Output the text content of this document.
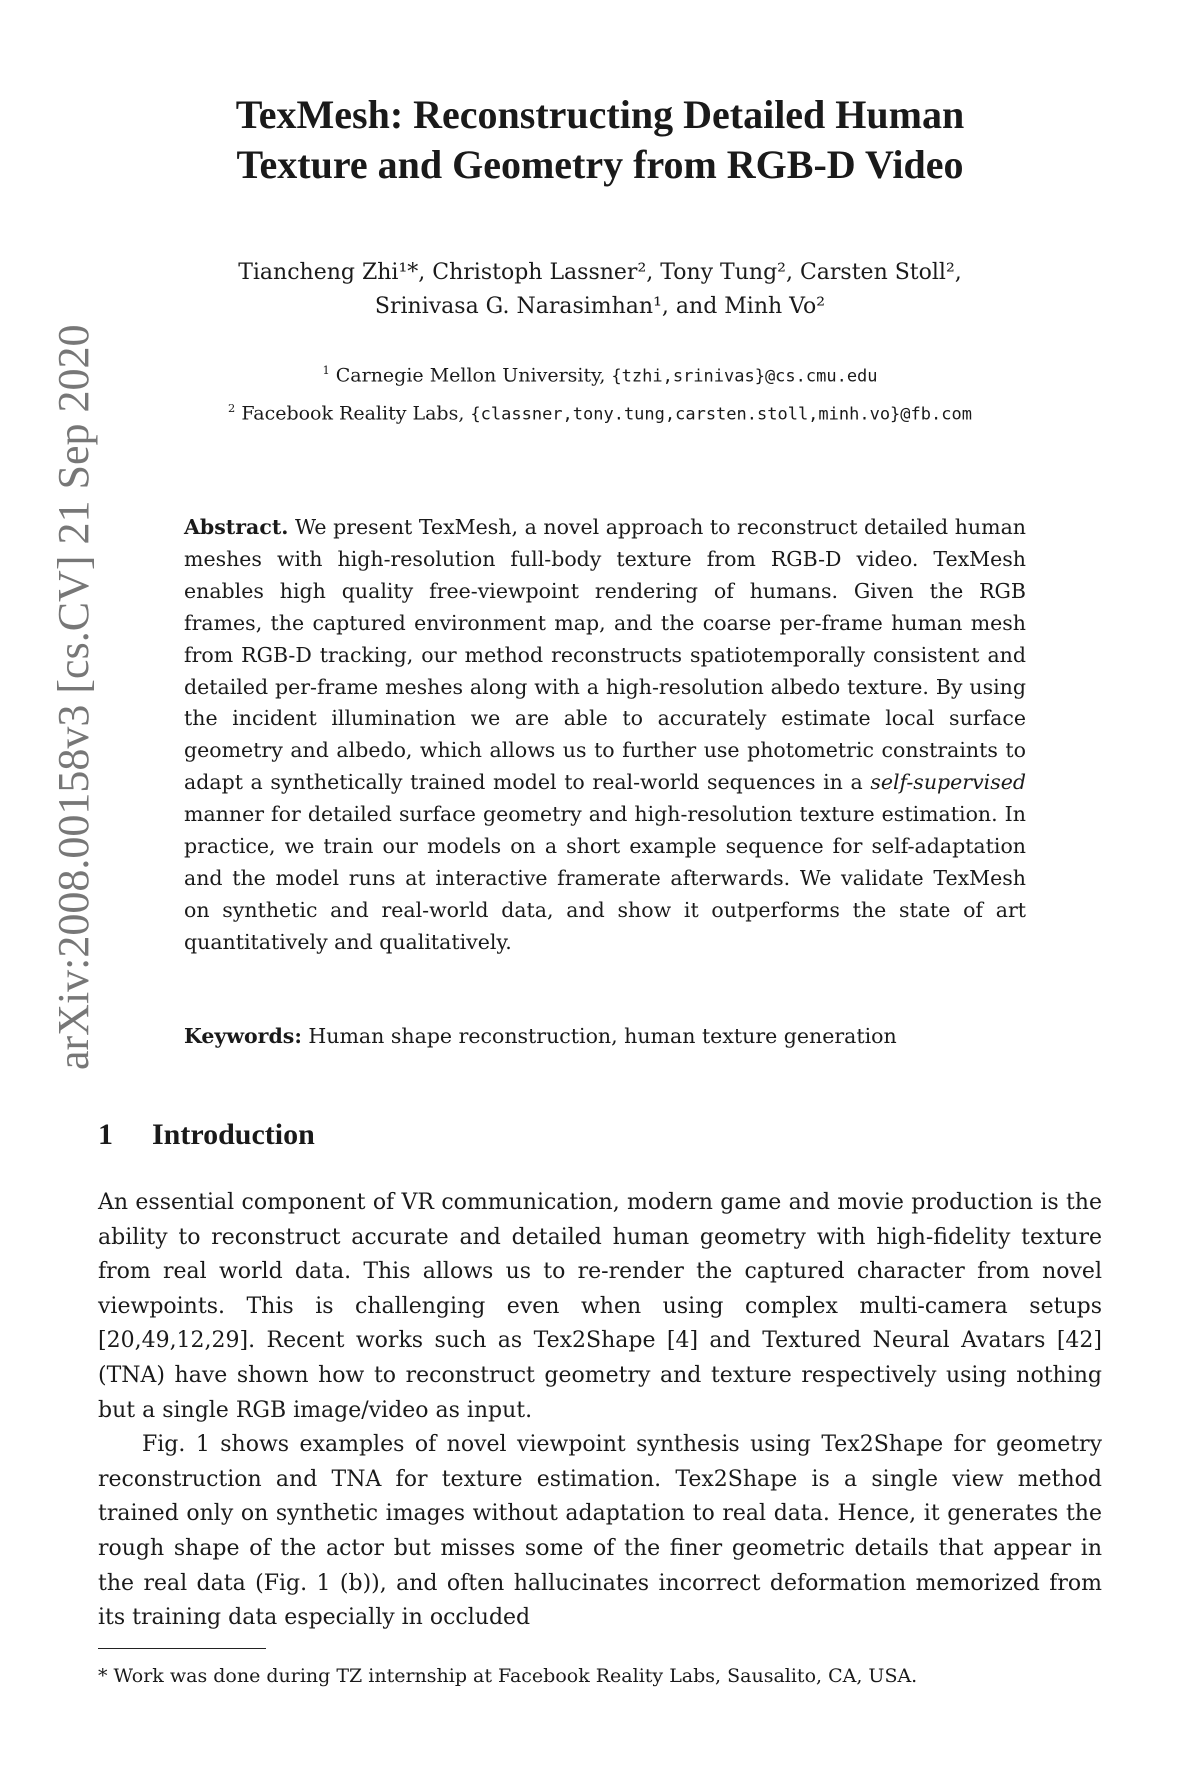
arXiv:2008.00158v3 [cs.CV] 21 Sep 2020
TexMesh: Reconstructing Detailed Human
Texture and Geometry from RGB-D Video
Tiancheng Zhi¹*, Christoph Lassner², Tony Tung², Carsten Stoll²,
Srinivasa G. Narasimhan¹, and Minh Vo²
$^1$ Carnegie Mellon University, {tzhi,srinivas}@cs.cmu.edu
$^2$ Facebook Reality Labs, {classner,tony.tung,carsten.stoll,minh.vo}@fb.com
Abstract. We present TexMesh, a novel approach to reconstruct detailed human meshes with high-resolution full-body texture from RGB-D video. TexMesh enables high quality free-viewpoint rendering of humans. Given the RGB frames, the captured environment map, and the coarse per-frame human mesh from RGB-D tracking, our method reconstructs spatiotemporally consistent and detailed per-frame meshes along with a high-resolution albedo texture. By using the incident illumination we are able to accurately estimate local surface geometry and albedo, which allows us to further use photometric constraints to adapt a synthetically trained model to real-world sequences in a self-supervised manner for detailed surface geometry and high-resolution texture estimation. In practice, we train our models on a short example sequence for self-adaptation and the model runs at interactive framerate afterwards. We validate TexMesh on synthetic and real-world data, and show it outperforms the state of art quantitatively and qualitatively.
Keywords: Human shape reconstruction, human texture generation
1 Introduction

An essential component of VR communication, modern game and movie production is the ability to reconstruct accurate and detailed human geometry with high-fidelity texture from real world data. This allows us to re-render the captured character from novel viewpoints. This is challenging even when using complex multi-camera setups [20,49,12,29]. Recent works such as Tex2Shape [4] and Textured Neural Avatars [42] (TNA) have shown how to reconstruct geometry and texture respectively using nothing but a single RGB image/video as input.

Fig. 1 shows examples of novel viewpoint synthesis using Tex2Shape for geometry reconstruction and TNA for texture estimation. Tex2Shape is a single view method trained only on synthetic images without adaptation to real data. Hence, it generates the rough shape of the actor but misses some of the finer geometric details that appear in the real data (Fig. 1 (b)), and often hallucinates incorrect deformation memorized from its training data especially in occluded

* Work was done during TZ internship at Facebook Reality Labs, Sausalito, CA, USA.
